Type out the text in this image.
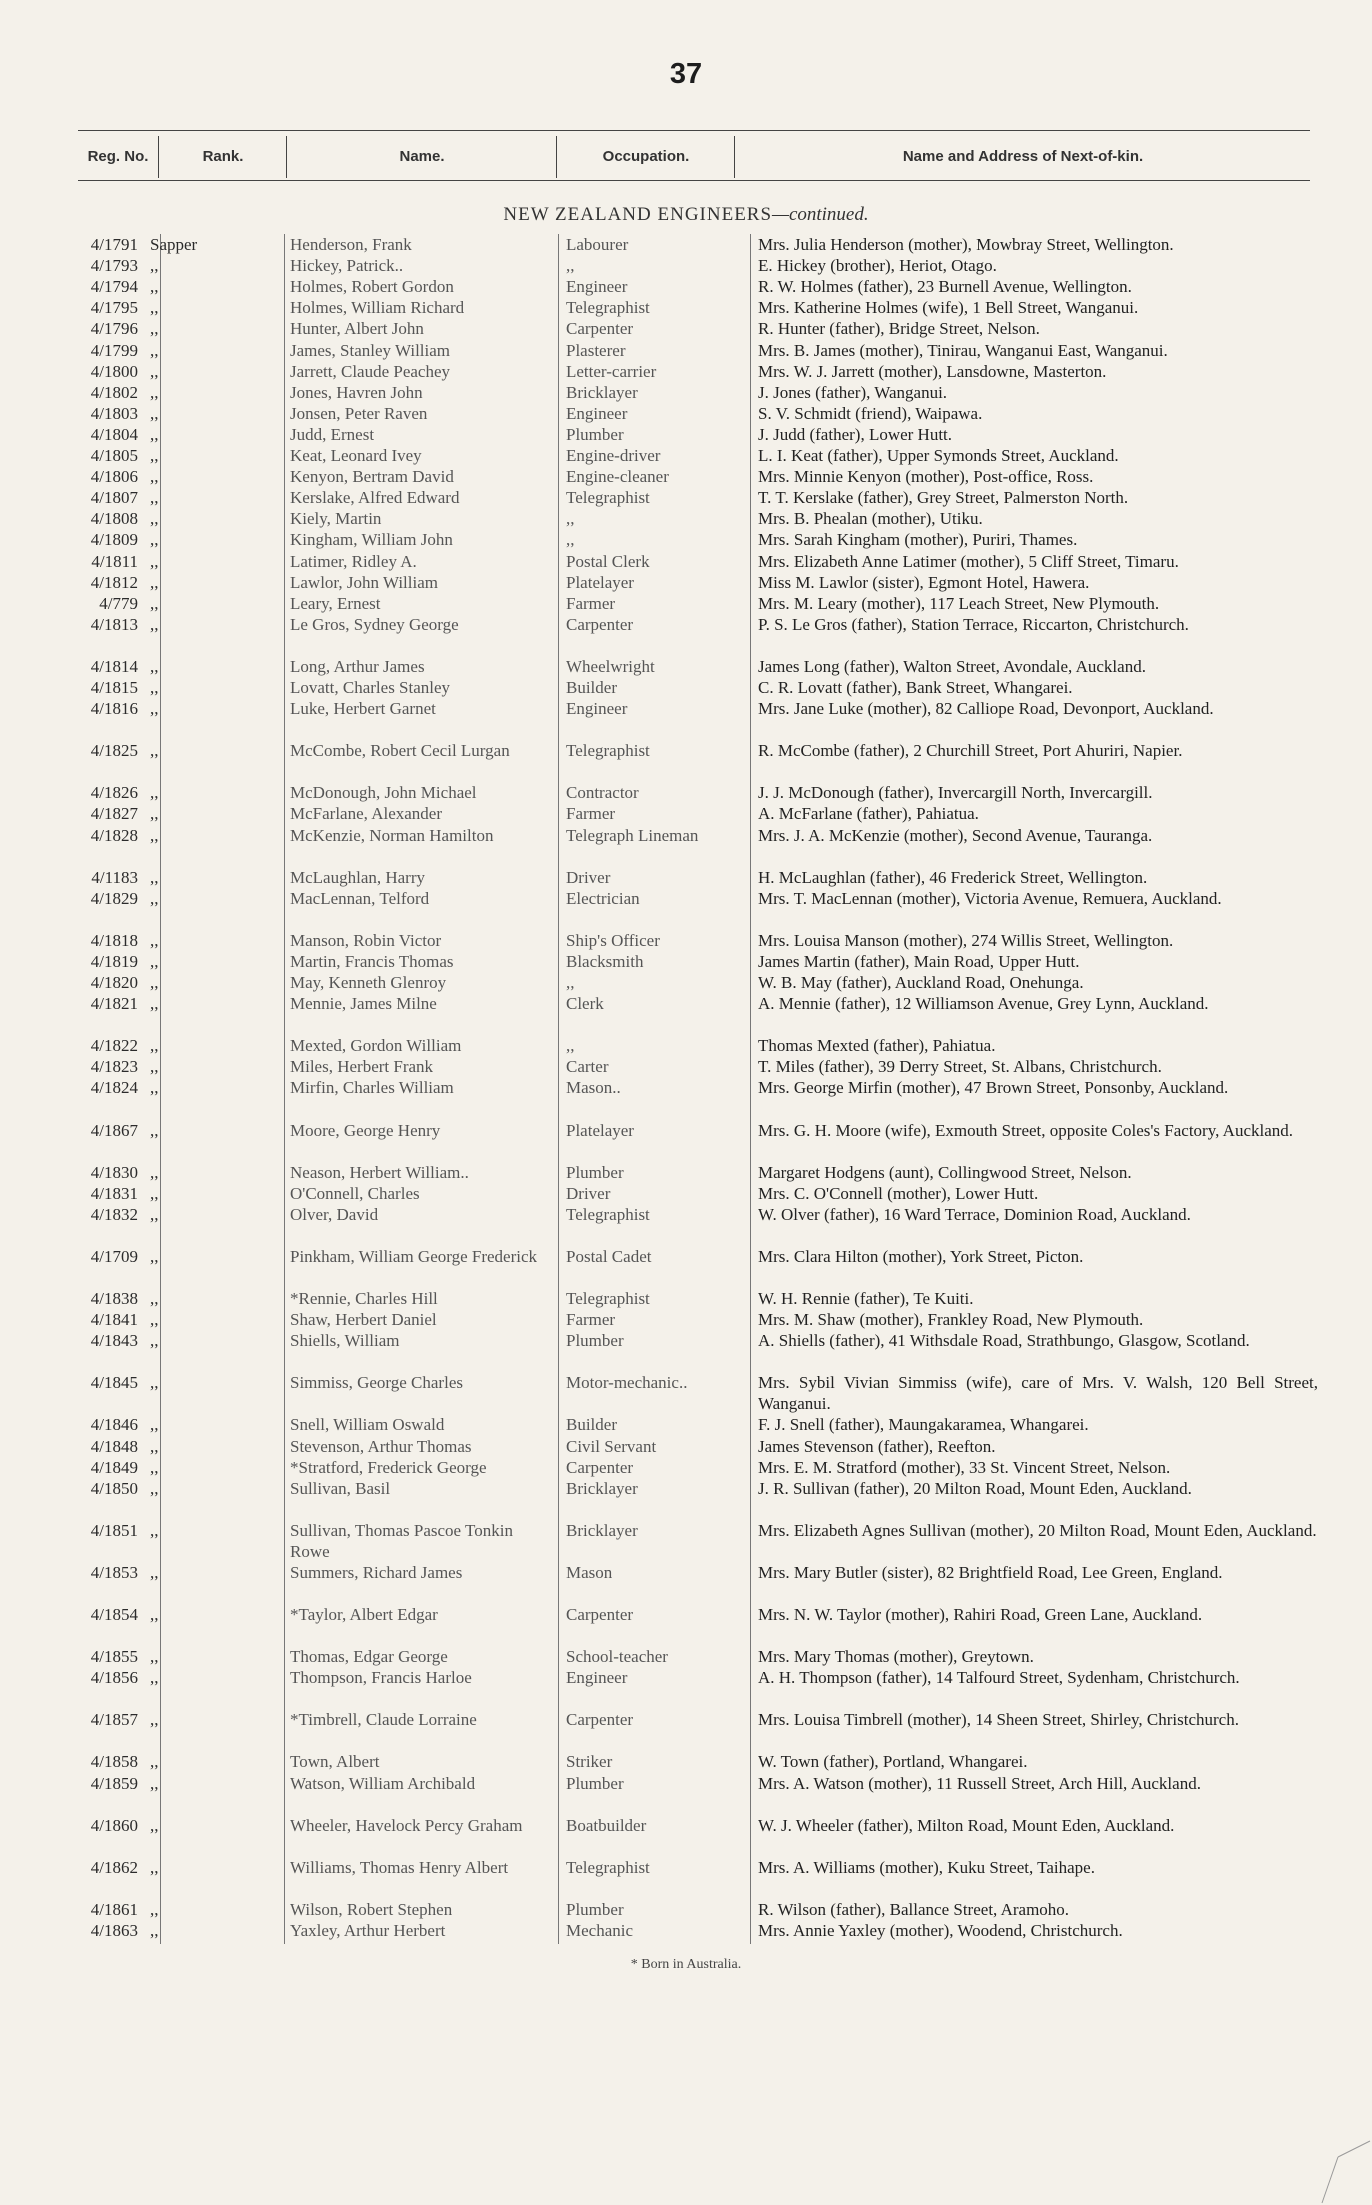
37
Reg. No.	Rank.	Name.	Occupation.	Name and Address of Next-of-kin.
NEW ZEALAND ENGINEERS—continued.
4/1791 Sapper	Henderson, Frank	Labourer	Mrs. Julia Henderson (mother), Mowbray Street, Wellington.
4/1793 ,,	Hickey, Patrick..	,,	E. Hickey (brother), Heriot, Otago.
4/1794 ,,	Holmes, Robert Gordon	Engineer	R. W. Holmes (father), 23 Burnell Avenue, Wellington.
4/1795 ,,	Holmes, William Richard	Telegraphist	Mrs. Katherine Holmes (wife), 1 Bell Street, Wanganui.
4/1796 ,,	Hunter, Albert John	Carpenter	R. Hunter (father), Bridge Street, Nelson.
4/1799 ,,	James, Stanley William	Plasterer	Mrs. B. James (mother), Tinirau, Wanganui East, Wanganui.
4/1800 ,,	Jarrett, Claude Peachey	Letter-carrier	Mrs. W. J. Jarrett (mother), Lansdowne, Masterton.
4/1802 ,,	Jones, Havren John	Bricklayer	J. Jones (father), Wanganui.
4/1803 ,,	Jonsen, Peter Raven	Engineer	S. V. Schmidt (friend), Waipawa.
4/1804 ,,	Judd, Ernest	Plumber	J. Judd (father), Lower Hutt.
4/1805 ,,	Keat, Leonard Ivey	Engine-driver	L. I. Keat (father), Upper Symonds Street, Auckland.
4/1806 ,,	Kenyon, Bertram David	Engine-cleaner	Mrs. Minnie Kenyon (mother), Post-office, Ross.
4/1807 ,,	Kerslake, Alfred Edward	Telegraphist	T. T. Kerslake (father), Grey Street, Palmerston North.
4/1808 ,,	Kiely, Martin	,,	Mrs. B. Phealan (mother), Utiku.
4/1809 ,,	Kingham, William John	,,	Mrs. Sarah Kingham (mother), Puriri, Thames.
4/1811 ,,	Latimer, Ridley A.	Postal Clerk	Mrs. Elizabeth Anne Latimer (mother), 5 Cliff Street, Timaru.
4/1812 ,,	Lawlor, John William	Platelayer	Miss M. Lawlor (sister), Egmont Hotel, Hawera.
4/779 ,,	Leary, Ernest	Farmer	Mrs. M. Leary (mother), 117 Leach Street, New Plymouth.
4/1813 ,,	Le Gros, Sydney George	Carpenter	P. S. Le Gros (father), Station Terrace, Riccarton, Christchurch.
4/1814 ,,	Long, Arthur James	Wheelwright	James Long (father), Walton Street, Avondale, Auckland.
4/1815 ,,	Lovatt, Charles Stanley	Builder	C. R. Lovatt (father), Bank Street, Whangarei.
4/1816 ,,	Luke, Herbert Garnet	Engineer	Mrs. Jane Luke (mother), 82 Calliope Road, Devonport, Auckland.
4/1825 ,,	McCombe, Robert Cecil Lurgan	Telegraphist	R. McCombe (father), 2 Churchill Street, Port Ahuriri, Napier.
4/1826 ,,	McDonough, John Michael	Contractor	J. J. McDonough (father), Invercargill North, Invercargill.
4/1827 ,,	McFarlane, Alexander	Farmer	A. McFarlane (father), Pahiatua.
4/1828 ,,	McKenzie, Norman Hamilton	Telegraph Lineman	Mrs. J. A. McKenzie (mother), Second Avenue, Tauranga.
4/1183 ,,	McLaughlan, Harry	Driver	H. McLaughlan (father), 46 Frederick Street, Wellington.
4/1829 ,,	MacLennan, Telford	Electrician	Mrs. T. MacLennan (mother), Victoria Avenue, Remuera, Auckland.
4/1818 ,,	Manson, Robin Victor	Ship's Officer	Mrs. Louisa Manson (mother), 274 Willis Street, Wellington.
4/1819 ,,	Martin, Francis Thomas	Blacksmith	James Martin (father), Main Road, Upper Hutt.
4/1820 ,,	May, Kenneth Glenroy	,,	W. B. May (father), Auckland Road, Onehunga.
4/1821 ,,	Mennie, James Milne	Clerk	A. Mennie (father), 12 Williamson Avenue, Grey Lynn, Auckland.
4/1822 ,,	Mexted, Gordon William	,,	Thomas Mexted (father), Pahiatua.
4/1823 ,,	Miles, Herbert Frank	Carter	T. Miles (father), 39 Derry Street, St. Albans, Christchurch.
4/1824 ,,	Mirfin, Charles William	Mason..	Mrs. George Mirfin (mother), 47 Brown Street, Ponsonby, Auckland.
4/1867 ,,	Moore, George Henry	Platelayer	Mrs. G. H. Moore (wife), Exmouth Street, opposite Coles's Factory, Auckland.
4/1830 ,,	Neason, Herbert William..	Plumber	Margaret Hodgens (aunt), Collingwood Street, Nelson.
4/1831 ,,	O'Connell, Charles	Driver	Mrs. C. O'Connell (mother), Lower Hutt.
4/1832 ,,	Olver, David	Telegraphist	W. Olver (father), 16 Ward Terrace, Dominion Road, Auckland.
4/1709 ,,	Pinkham, William George Frederick	Postal Cadet	Mrs. Clara Hilton (mother), York Street, Picton.
4/1838 ,,	*Rennie, Charles Hill	Telegraphist	W. H. Rennie (father), Te Kuiti.
4/1841 ,,	Shaw, Herbert Daniel	Farmer	Mrs. M. Shaw (mother), Frankley Road, New Plymouth.
4/1843 ,,	Shiells, William	Plumber	A. Shiells (father), 41 Withsdale Road, Strathbungo, Glasgow, Scotland.
4/1845 ,,	Simmiss, George Charles	Motor-mechanic..	Mrs. Sybil Vivian Simmiss (wife), care of Mrs. V. Walsh, 120 Bell Street, Wanganui.
4/1846 ,,	Snell, William Oswald	Builder	F. J. Snell (father), Maungakaramea, Whangarei.
4/1848 ,,	Stevenson, Arthur Thomas	Civil Servant	James Stevenson (father), Reefton.
4/1849 ,,	*Stratford, Frederick George	Carpenter	Mrs. E. M. Stratford (mother), 33 St. Vincent Street, Nelson.
4/1850 ,,	Sullivan, Basil	Bricklayer	J. R. Sullivan (father), 20 Milton Road, Mount Eden, Auckland.
4/1851 ,,	Sullivan, Thomas Pascoe Tonkin Rowe
Bricklayer	Mrs. Elizabeth Agnes Sullivan (mother), 20 Milton Road, Mount Eden, Auckland.
4/1853 ,,	Summers, Richard James	Mason	Mrs. Mary Butler (sister), 82 Brightfield Road, Lee Green, England.
4/1854 ,,	*Taylor, Albert Edgar	Carpenter	Mrs. N. W. Taylor (mother), Rahiri Road, Green Lane, Auckland.
4/1855 ,,	Thomas, Edgar George	School-teacher	Mrs. Mary Thomas (mother), Greytown.
4/1856 ,,	Thompson, Francis Harloe	Engineer	A. H. Thompson (father), 14 Talfourd Street, Sydenham, Christchurch.
4/1857 ,,	*Timbrell, Claude Lorraine	Carpenter	Mrs. Louisa Timbrell (mother), 14 Sheen Street, Shirley, Christchurch.
4/1858 ,,	Town, Albert	Striker	W. Town (father), Portland, Whangarei.
4/1859 ,,	Watson, William Archibald	Plumber	Mrs. A. Watson (mother), 11 Russell Street, Arch Hill, Auckland.
4/1860 ,,	Wheeler, Havelock Percy Graham	Boatbuilder	W. J. Wheeler (father), Milton Road, Mount Eden, Auckland.
4/1862 ,,	Williams, Thomas Henry Albert	Telegraphist	Mrs. A. Williams (mother), Kuku Street, Taihape.
4/1861 ,,	Wilson, Robert Stephen	Plumber	R. Wilson (father), Ballance Street, Aramoho.
4/1863 ,,	Yaxley, Arthur Herbert	Mechanic	Mrs. Annie Yaxley (mother), Woodend, Christchurch.
* Born in Australia.
